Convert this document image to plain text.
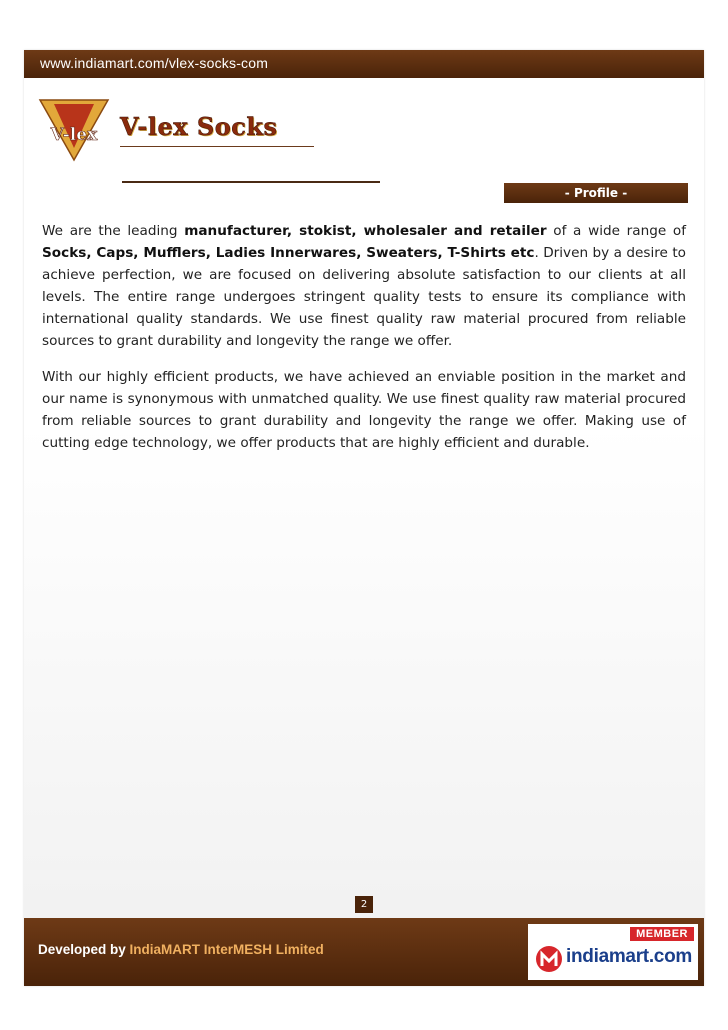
www.indiamart.com/vlex-socks-com
V-lex V-lex Socks
- Profile -

We are the leading manufacturer, stokist, wholesaler and retailer of a wide range of Socks, Caps, Mufflers, Ladies Innerwares, Sweaters, T-Shirts etc. Driven by a desire to achieve perfection, we are focused on delivering absolute satisfaction to our clients at all levels. The entire range undergoes stringent quality tests to ensure its compliance with international quality standards. We use finest quality raw material procured from reliable sources to grant durability and longevity the range we offer.

With our highly efficient products, we have achieved an enviable position in the market and our name is synonymous with unmatched quality. We use finest quality raw material procured from reliable sources to grant durability and longevity the range we offer. Making use of cutting edge technology, we offer products that are highly efficient and durable.

2
Developed by IndiaMART InterMESH Limited
MEMBER
indiamart.com
